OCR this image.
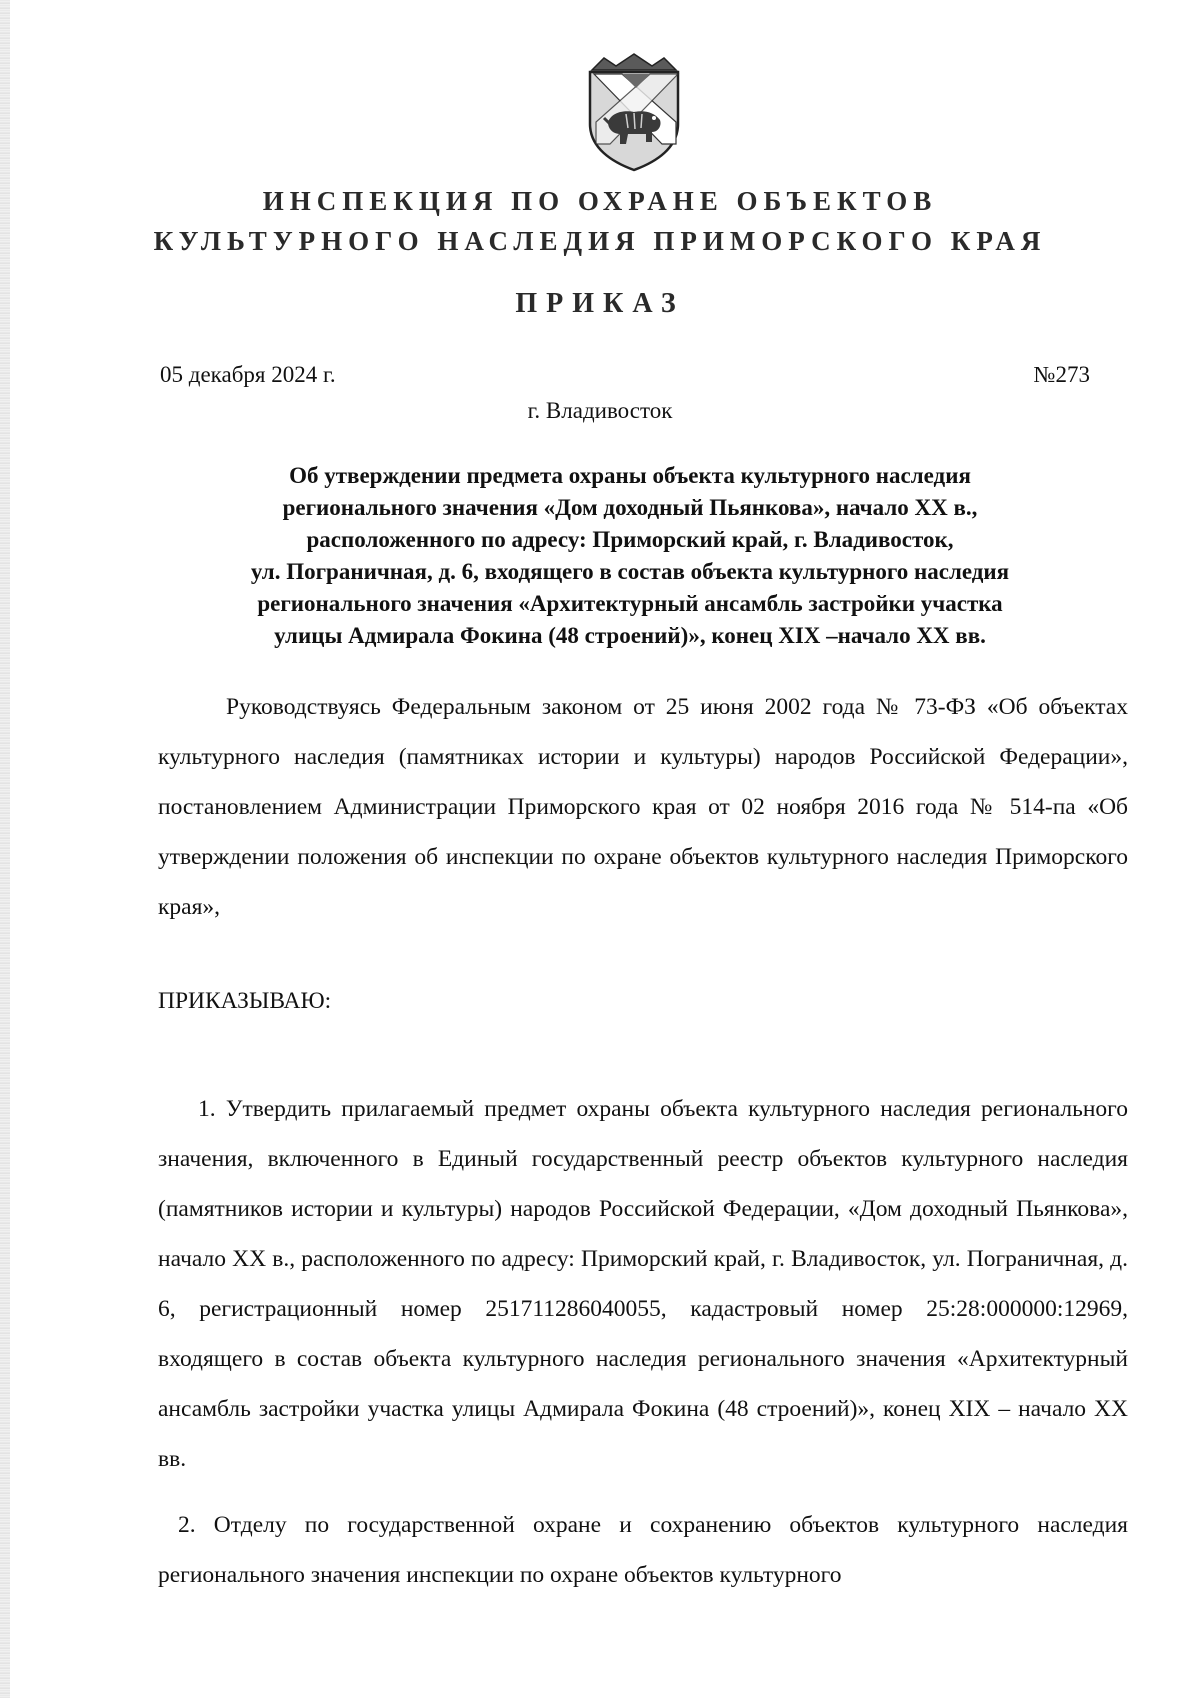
ИНСПЕКЦИЯ ПО ОХРАНЕ ОБЪЕКТОВ
КУЛЬТУРНОГО НАСЛЕДИЯ ПРИМОРСКОГО КРАЯ
ПРИКАЗ
05 декабря 2024 г.	№273
г. Владивосток
Об утверждении предмета охраны объекта культурного наследия
регионального значения «Дом доходный Пьянкова», начало XX в.,
расположенного по адресу: Приморский край, г. Владивосток,
ул. Пограничная, д. 6, входящего в состав объекта культурного наследия
регионального значения «Архитектурный ансамбль застройки участка
улицы Адмирала Фокина (48 строений)», конец XIX –начало XX вв.

Руководствуясь Федеральным законом от 25 июня 2002 года № 73-ФЗ «Об объектах культурного наследия (памятниках истории и культуры) народов Российской Федерации», постановлением Администрации Приморского края от 02 ноября 2016 года № 514-па «Об утверждении положения об инспекции по охране объектов культурного наследия Приморского края»,

ПРИКАЗЫВАЮ:

1. Утвердить прилагаемый предмет охраны объекта культурного наследия регионального значения, включенного в Единый государственный реестр объектов культурного наследия (памятников истории и культуры) народов Российской Федерации, «Дом доходный Пьянкова», начало XX в., расположенного по адресу: Приморский край, г. Владивосток, ул. Пограничная, д. 6, регистрационный номер 251711286040055, кадастровый номер 25:28:000000:12969, входящего в состав объекта культурного наследия регионального значения «Архитектурный ансамбль застройки участка улицы Адмирала Фокина (48 строений)», конец XIX – начало XX вв.

2. Отделу по государственной охране и сохранению объектов культурного наследия регионального значения инспекции по охране объектов культурного
